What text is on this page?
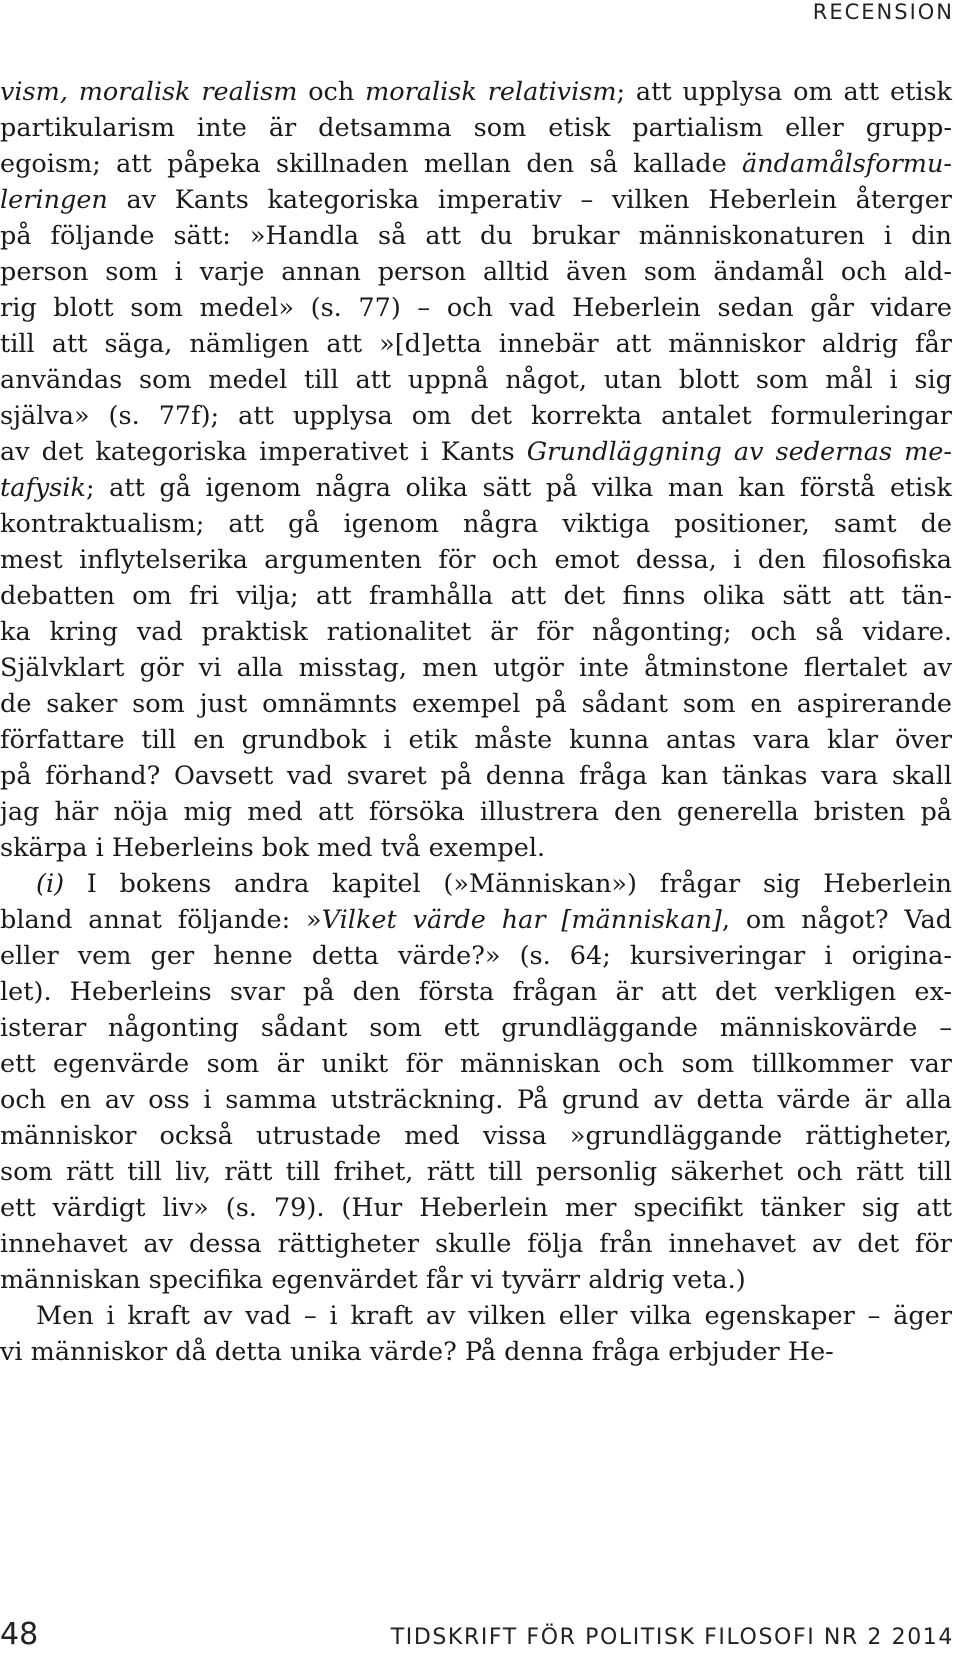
RECENSION
vism, moralisk realism och moralisk relativism; att upplysa om att etisk
partikularism inte är detsamma som etisk partialism eller grupp-
egoism; att påpeka skillnaden mellan den så kallade ändamålsformu-
leringen av Kants kategoriska imperativ – vilken Heberlein återger
på följande sätt: »Handla så att du brukar människonaturen i din
person som i varje annan person alltid även som ändamål och ald-
rig blott som medel» (s. 77) – och vad Heberlein sedan går vidare
till att säga, nämligen att »[d]etta innebär att människor aldrig får
användas som medel till att uppnå något, utan blott som mål i sig
själva» (s. 77f); att upplysa om det korrekta antalet formuleringar
av det kategoriska imperativet i Kants Grundläggning av sedernas me-
tafysik; att gå igenom några olika sätt på vilka man kan förstå etisk
kontraktualism; att gå igenom några viktiga positioner, samt de
mest inflytelserika argumenten för och emot dessa, i den filosofiska
debatten om fri vilja; att framhålla att det finns olika sätt att tän-
ka kring vad praktisk rationalitet är för någonting; och så vidare.
Självklart gör vi alla misstag, men utgör inte åtminstone flertalet av
de saker som just omnämnts exempel på sådant som en aspirerande
författare till en grundbok i etik måste kunna antas vara klar över
på förhand? Oavsett vad svaret på denna fråga kan tänkas vara skall
jag här nöja mig med att försöka illustrera den generella bristen på
skärpa i Heberleins bok med två exempel.
(i) I bokens andra kapitel (»Människan») frågar sig Heberlein
bland annat följande: »Vilket värde har [människan], om något? Vad
eller vem ger henne detta värde?» (s. 64; kursiveringar i origina-
let). Heberleins svar på den första frågan är att det verkligen ex-
isterar någonting sådant som ett grundläggande människovärde –
ett egenvärde som är unikt för människan och som tillkommer var
och en av oss i samma utsträckning. På grund av detta värde är alla
människor också utrustade med vissa »grundläggande rättigheter,
som rätt till liv, rätt till frihet, rätt till personlig säkerhet och rätt till
ett värdigt liv» (s. 79). (Hur Heberlein mer specifikt tänker sig att
innehavet av dessa rättigheter skulle följa från innehavet av det för
människan specifika egenvärdet får vi tyvärr aldrig veta.)
Men i kraft av vad – i kraft av vilken eller vilka egenskaper – äger
vi människor då detta unika värde? På denna fråga erbjuder He-
48	TIDSKRIFT FÖR POLITISK FILOSOFI NR 2 2014
